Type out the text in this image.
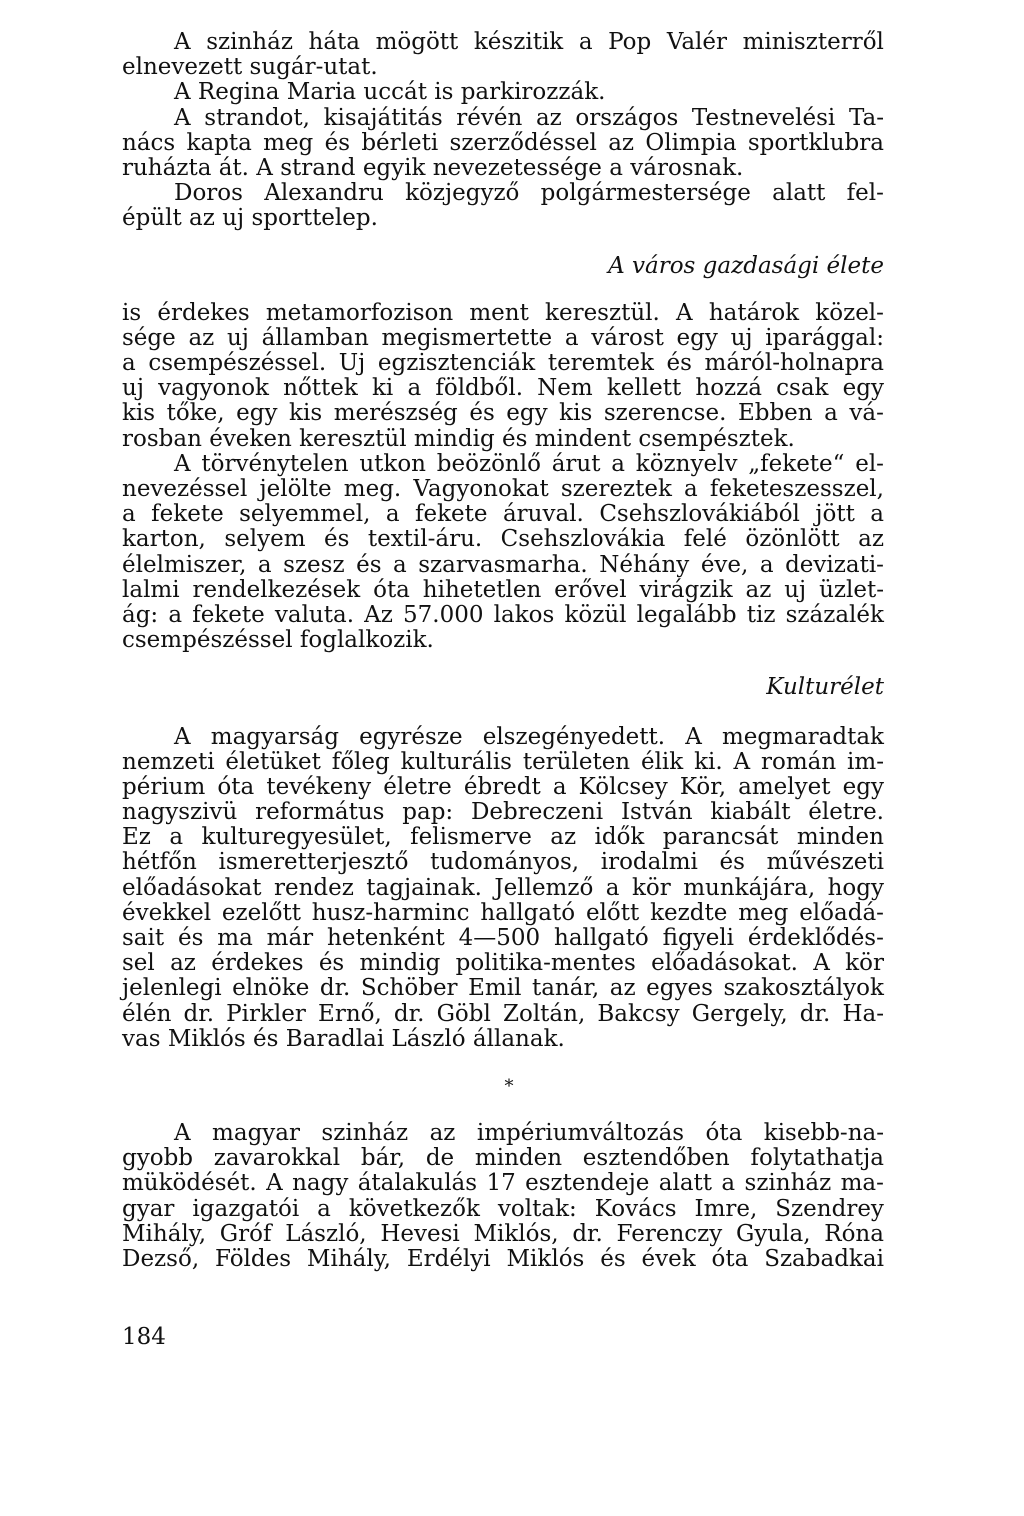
A szinház háta mögött készitik a Pop Valér miniszterről
elnevezett sugár-utat.
A Regina Maria uccát is parkirozzák.
A strandot, kisajátitás révén az országos Testnevelési Ta-
nács kapta meg és bérleti szerződéssel az Olimpia sportklubra
ruházta át. A strand egyik nevezetessége a városnak.
Doros Alexandru közjegyző polgármestersége alatt fel-
épült az uj sporttelep.
A város gazdasági élete
is érdekes metamorfozison ment keresztül. A határok közel-
sége az uj államban megismertette a várost egy uj iparággal:
a csempészéssel. Uj egzisztenciák teremtek és máról-holnapra
uj vagyonok nőttek ki a földből. Nem kellett hozzá csak egy
kis tőke, egy kis merészség és egy kis szerencse. Ebben a vá-
rosban éveken keresztül mindig és mindent csempésztek.
A törvénytelen utkon beözönlő árut a köznyelv „fekete“ el-
nevezéssel jelölte meg. Vagyonokat szereztek a feketeszesszel,
a fekete selyemmel, a fekete áruval. Csehszlovákiából jött a
karton, selyem és textil-áru. Csehszlovákia felé özönlött az
élelmiszer, a szesz és a szarvasmarha. Néhány éve, a devizati-
lalmi rendelkezések óta hihetetlen erővel virágzik az uj üzlet-
ág: a fekete valuta. Az 57.000 lakos közül legalább tiz százalék
csempészéssel foglalkozik.
Kulturélet
A magyarság egyrésze elszegényedett. A megmaradtak
nemzeti életüket főleg kulturális területen élik ki. A román im-
périum óta tevékeny életre ébredt a Kölcsey Kör, amelyet egy
nagyszivü református pap: Debreczeni István kiabált életre.
Ez a kulturegyesület, felismerve az idők parancsát minden
hétfőn ismeretterjesztő tudományos, irodalmi és művészeti
előadásokat rendez tagjainak. Jellemző a kör munkájára, hogy
évekkel ezelőtt husz-harminc hallgató előtt kezdte meg előadá-
sait és ma már hetenként 4—500 hallgató figyeli érdeklődés-
sel az érdekes és mindig politika-mentes előadásokat. A kör
jelenlegi elnöke dr. Schöber Emil tanár, az egyes szakosztályok
élén dr. Pirkler Ernő, dr. Göbl Zoltán, Bakcsy Gergely, dr. Ha-
vas Miklós és Baradlai László állanak.
*
A magyar szinház az impériumváltozás óta kisebb-na-
gyobb zavarokkal bár, de minden esztendőben folytathatja
müködését. A nagy átalakulás 17 esztendeje alatt a szinház ma-
gyar igazgatói a következők voltak: Kovács Imre, Szendrey
Mihály, Gróf László, Hevesi Miklós, dr. Ferenczy Gyula, Róna
Dezső, Földes Mihály, Erdélyi Miklós és évek óta Szabadkai
184
